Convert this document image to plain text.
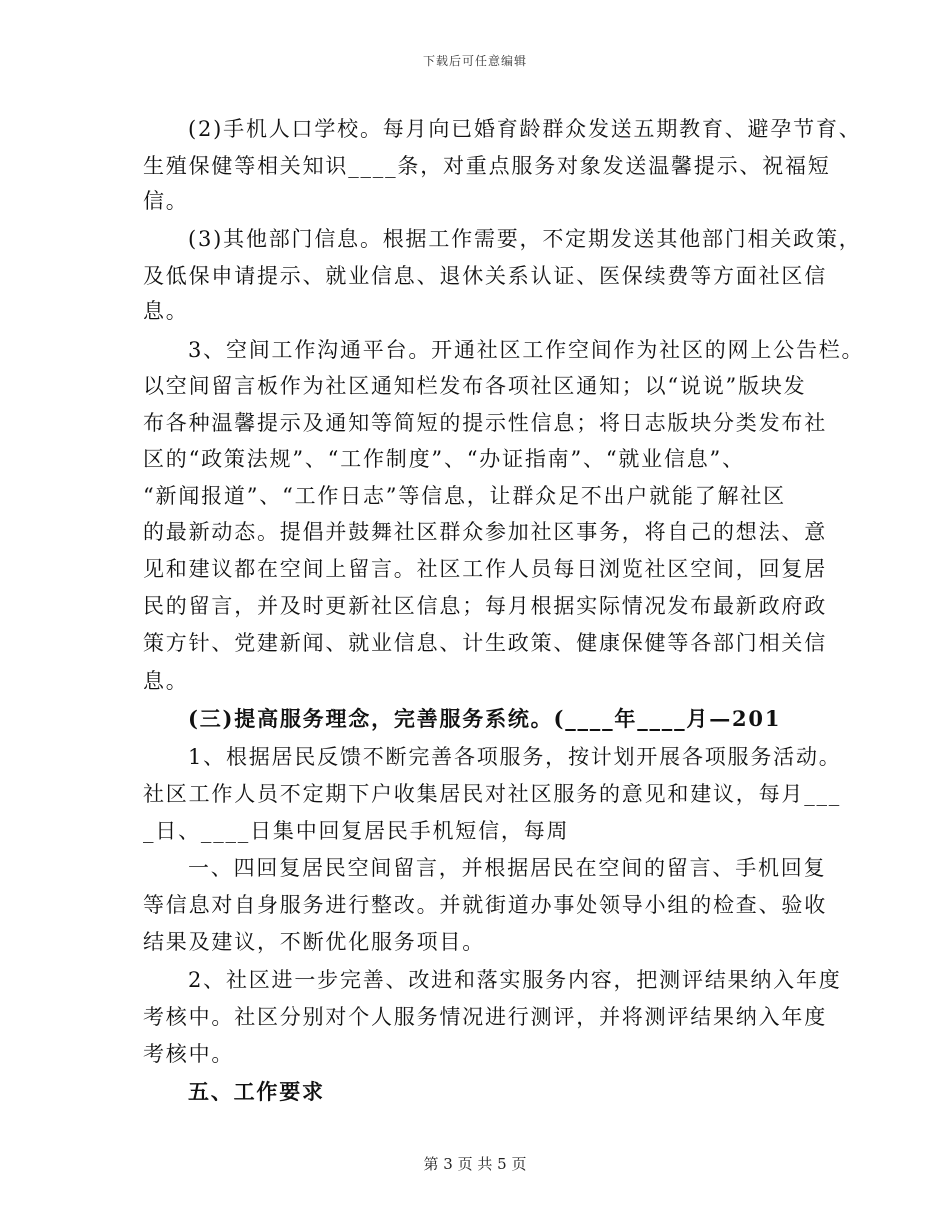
下载后可任意编辑
(2)手机人口学校。每月向已婚育龄群众发送五期教育、避孕节育、
生殖保健等相关知识____条，对重点服务对象发送温馨提示、祝福短
信。
(3)其他部门信息。根据工作需要，不定期发送其他部门相关政策，
及低保申请提示、就业信息、退休关系认证、医保续费等方面社区信
息。
3、空间工作沟通平台。开通社区工作空间作为社区的网上公告栏。
以空间留言板作为社区通知栏发布各项社区通知；以“说说”版块发
布各种温馨提示及通知等简短的提示性信息；将日志版块分类发布社
区的“政策法规”、“工作制度”、“办证指南”、“就业信息”、
“新闻报道”、“工作日志”等信息，让群众足不出户就能了解社区
的最新动态。提倡并鼓舞社区群众参加社区事务，将自己的想法、意
见和建议都在空间上留言。社区工作人员每日浏览社区空间，回复居
民的留言，并及时更新社区信息；每月根据实际情况发布最新政府政
策方针、党建新闻、就业信息、计生政策、健康保健等各部门相关信
息。
(三)提高服务理念，完善服务系统。(____年____月—201
1、根据居民反馈不断完善各项服务，按计划开展各项服务活动。
社区工作人员不定期下户收集居民对社区服务的意见和建议，每月___
_日、____日集中回复居民手机短信，每周
一、四回复居民空间留言，并根据居民在空间的留言、手机回复
等信息对自身服务进行整改。并就街道办事处领导小组的检查、验收
结果及建议，不断优化服务项目。
2、社区进一步完善、改进和落实服务内容，把测评结果纳入年度
考核中。社区分别对个人服务情况进行测评，并将测评结果纳入年度
考核中。
五、工作要求
第 3 页 共 5 页
